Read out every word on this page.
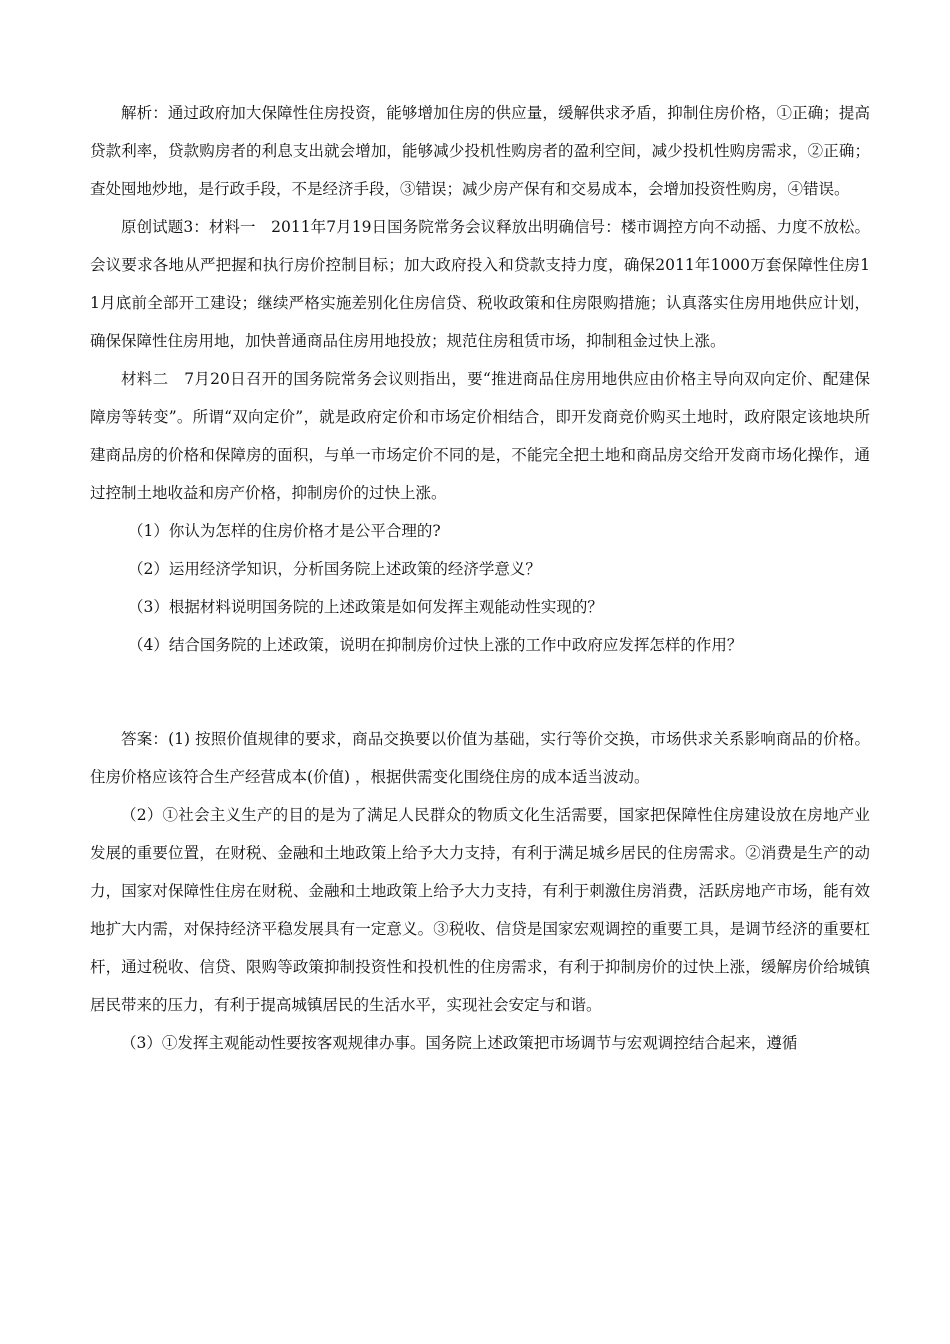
解析：通过政府加大保障性住房投资，能够增加住房的供应量，缓解供求矛盾，抑制住房价格，①正确；提高贷款利率，贷款购房者的利息支出就会增加，能够减少投机性购房者的盈利空间，减少投机性购房需求，②正确；查处囤地炒地，是行政手段，不是经济手段，③错误；减少房产保有和交易成本，会增加投资性购房，④错误。

原创试题3：材料一　2011年7月19日国务院常务会议释放出明确信号：楼市调控方向不动摇、力度不放松。会议要求各地从严把握和执行房价控制目标；加大政府投入和贷款支持力度，确保2011年1000万套保障性住房11月底前全部开工建设；继续严格实施差别化住房信贷、税收政策和住房限购措施；认真落实住房用地供应计划，确保保障性住房用地，加快普通商品住房用地投放；规范住房租赁市场，抑制租金过快上涨。

材料二　7月20日召开的国务院常务会议则指出，要“推进商品住房用地供应由价格主导向双向定价、配建保障房等转变”。所谓“双向定价”，就是政府定价和市场定价相结合，即开发商竞价购买土地时，政府限定该地块所建商品房的价格和保障房的面积，与单一市场定价不同的是，不能完全把土地和商品房交给开发商市场化操作，通过控制土地收益和房产价格，抑制房价的过快上涨。

（1）你认为怎样的住房价格才是公平合理的?

（2）运用经济学知识，分析国务院上述政策的经济学意义？

（3）根据材料说明国务院的上述政策是如何发挥主观能动性实现的？

（4）结合国务院的上述政策，说明在抑制房价过快上涨的工作中政府应发挥怎样的作用？

答案：(1) 按照价值规律的要求，商品交换要以价值为基础，实行等价交换，市场供求关系影响商品的价格。住房价格应该符合生产经营成本(价值) ，根据供需变化围绕住房的成本适当波动。

（2）①社会主义生产的目的是为了满足人民群众的物质文化生活需要，国家把保障性住房建设放在房地产业发展的重要位置，在财税、金融和土地政策上给予大力支持，有利于满足城乡居民的住房需求。②消费是生产的动力，国家对保障性住房在财税、金融和土地政策上给予大力支持，有利于刺激住房消费，活跃房地产市场，能有效地扩大内需，对保持经济平稳发展具有一定意义。③税收、信贷是国家宏观调控的重要工具，是调节经济的重要杠杆，通过税收、信贷、限购等政策抑制投资性和投机性的住房需求，有利于抑制房价的过快上涨，缓解房价给城镇居民带来的压力，有利于提高城镇居民的生活水平，实现社会安定与和谐。

（3）①发挥主观能动性要按客观规律办事。国务院上述政策把市场调节与宏观调控结合起来，遵循
